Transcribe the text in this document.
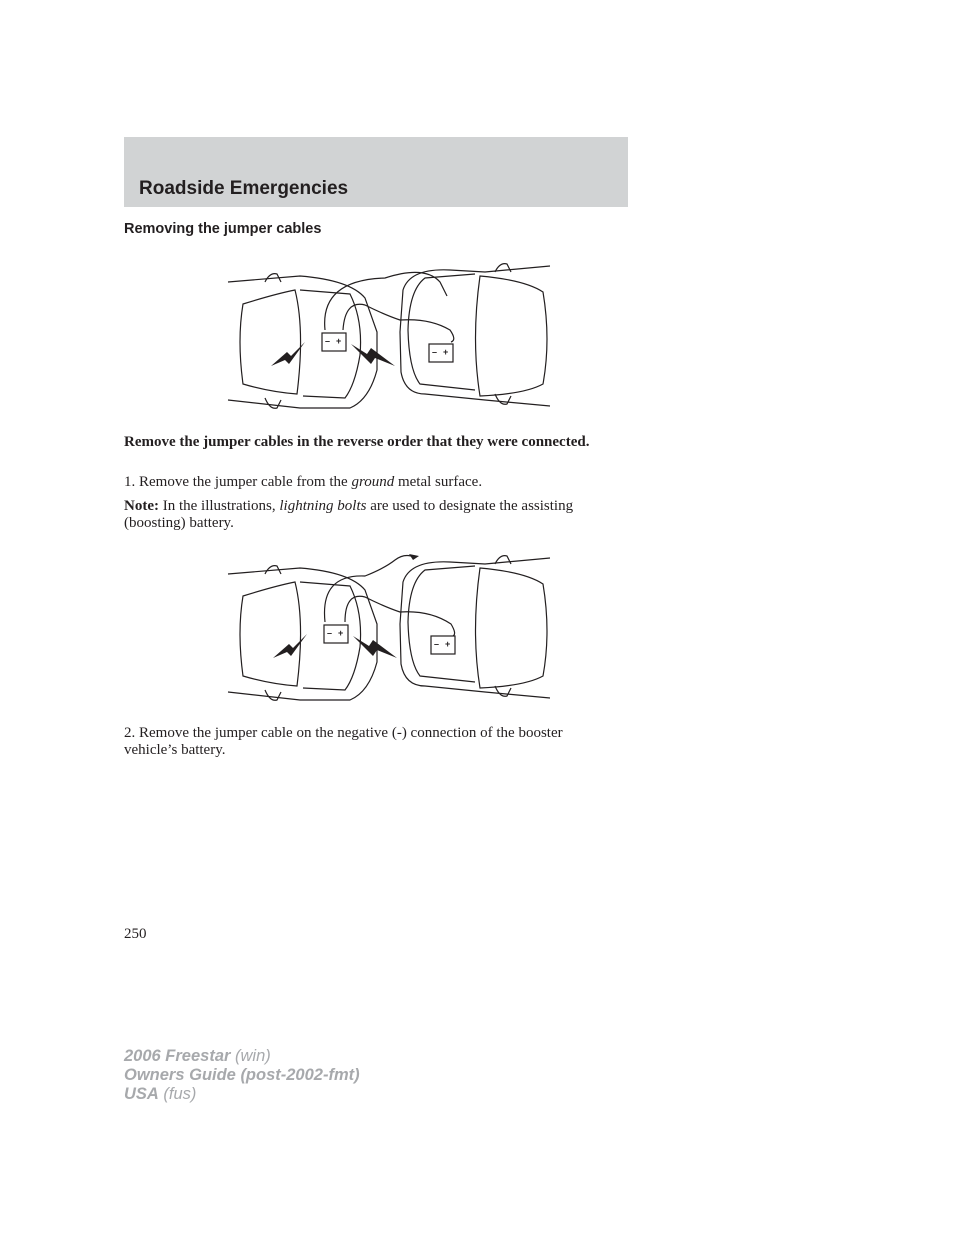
Roadside Emergencies
Removing the jumper cables
– +
– +

Remove the jumper cables in the reverse order that they were connected.

1. Remove the jumper cable from the ground metal surface.

Note: In the illustrations, lightning bolts are used to designate the assisting (boosting) battery.

– +
– +

2. Remove the jumper cable on the negative (-) connection of the booster vehicle’s battery.

250
2006 Freestar (win)
Owners Guide (post-2002-fmt)
USA (fus)
